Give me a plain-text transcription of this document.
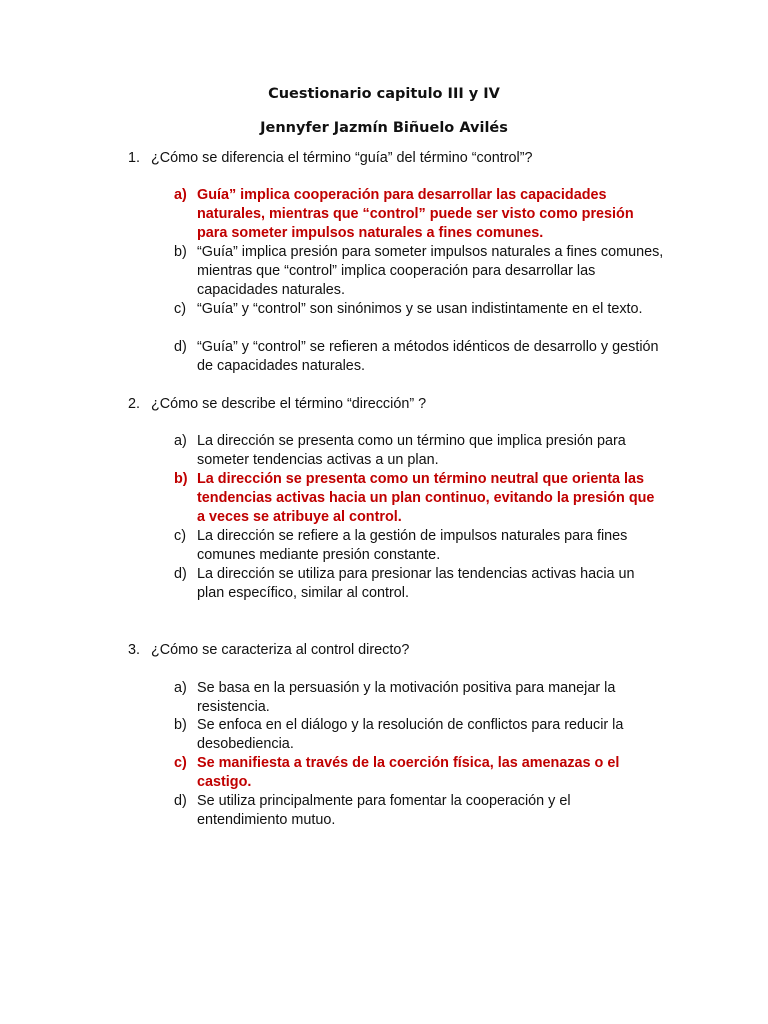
Cuestionario capitulo III y IV
Jennyfer Jazmín Biñuelo Avilés
1. ¿Cómo se diferencia el término “guía” del término “control”?
a) Guía” implica cooperación para desarrollar las capacidades naturales, mientras que “control” puede ser visto como presión para someter impulsos naturales a fines comunes.
b) “Guía” implica presión para someter impulsos naturales a fines comunes, mientras que “control” implica cooperación para desarrollar las capacidades naturales.
c) “Guía” y “control” son sinónimos y se usan indistintamente en el texto.
d) “Guía” y “control” se refieren a métodos idénticos de desarrollo y gestión de capacidades naturales.
2. ¿Cómo se describe el término “dirección” ?
a) La dirección se presenta como un término que implica presión para someter tendencias activas a un plan.
b) La dirección se presenta como un término neutral que orienta las tendencias activas hacia un plan continuo, evitando la presión que a veces se atribuye al control.
c) La dirección se refiere a la gestión de impulsos naturales para fines comunes mediante presión constante.
d) La dirección se utiliza para presionar las tendencias activas hacia un plan específico, similar al control.
3. ¿Cómo se caracteriza al control directo?
a) Se basa en la persuasión y la motivación positiva para manejar la resistencia.
b) Se enfoca en el diálogo y la resolución de conflictos para reducir la desobediencia.
c) Se manifiesta a través de la coerción física, las amenazas o el castigo.
d) Se utiliza principalmente para fomentar la cooperación y el entendimiento mutuo.
